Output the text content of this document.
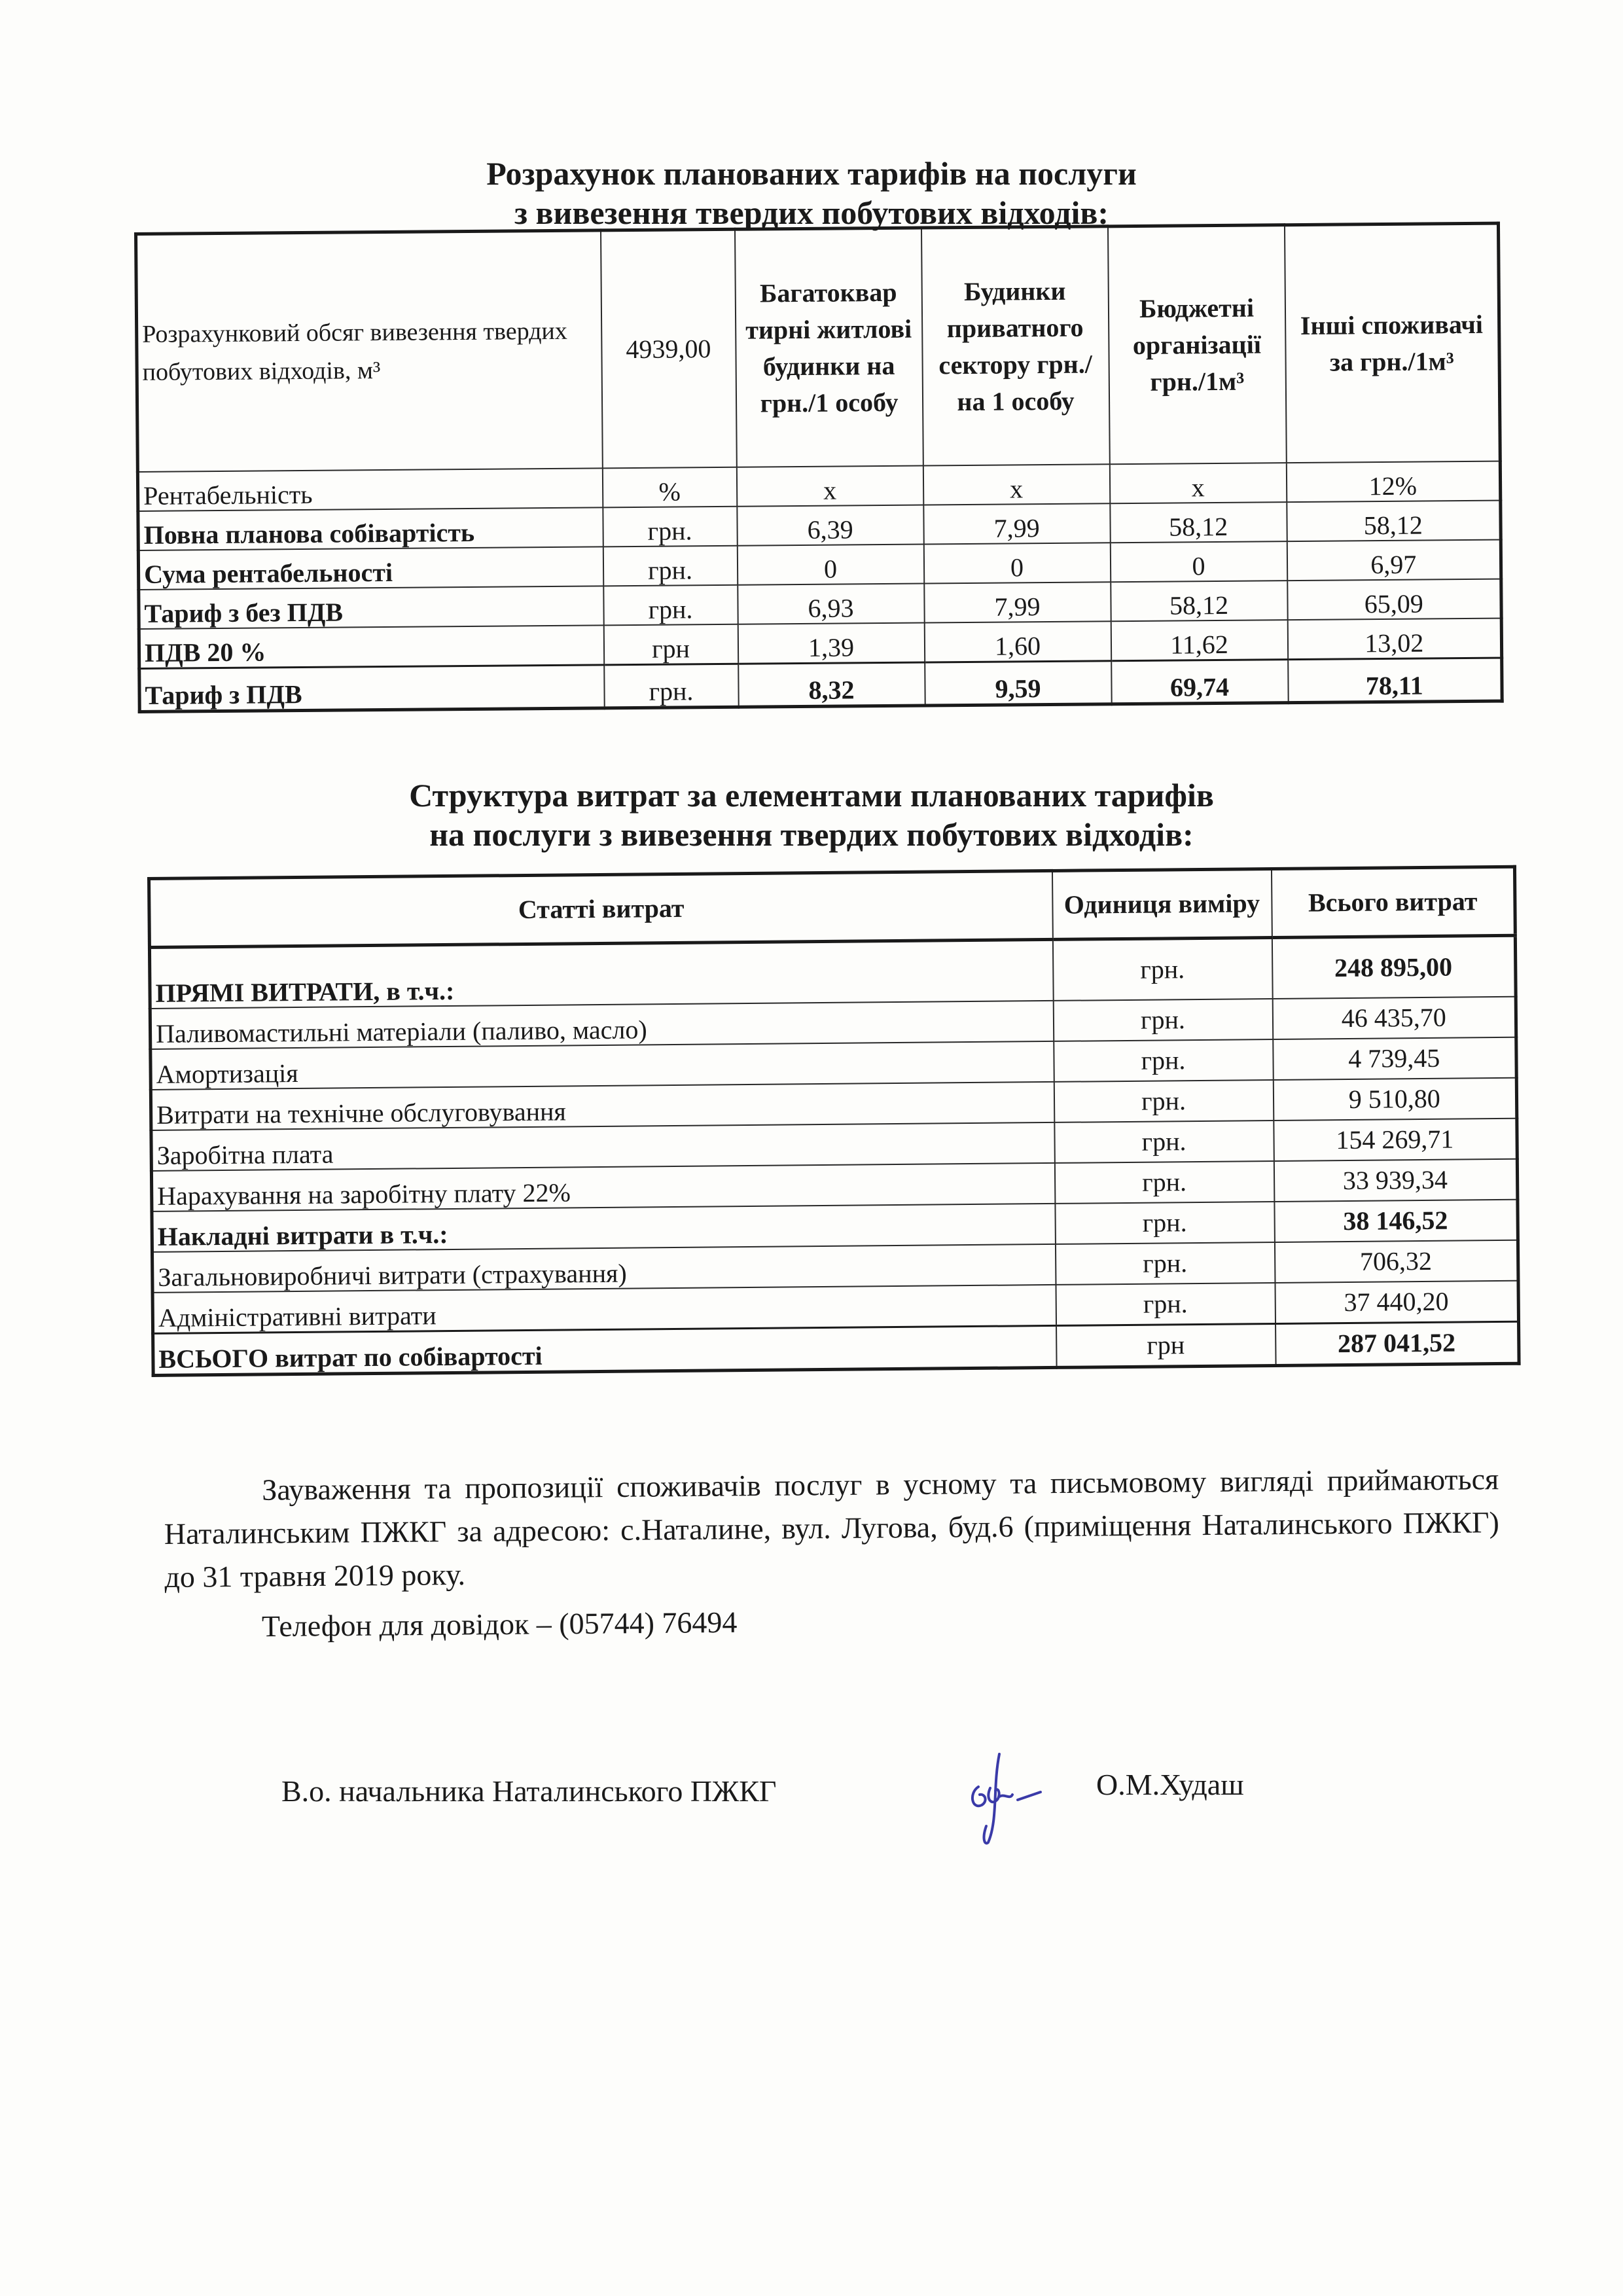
Розрахунок планованих тарифів на послуги
з вивезення твердих побутових відходів:
Розрахунковий обсяг вивезення твердих побутових відходів, м³	4939,00	Багатоквар тирні житлові будинки на грн./1 особу	Будинки приватного сектору грн./на 1 особу	Бюджетні організації грн./1м³	Інші споживачі за грн./1м³
Рентабельність	%	х	х	х	12%
Повна планова собівартість	грн.	6,39	7,99	58,12	58,12
Сума рентабельності	грн.	0	0	0	6,97
Тариф з без ПДВ	грн.	6,93	7,99	58,12	65,09
ПДВ 20 %	грн	1,39	1,60	11,62	13,02
Тариф з ПДВ	грн.	8,32	9,59	69,74	78,11
Структура витрат за елементами планованих тарифів
на послуги з вивезення твердих побутових відходів:
Статті витрат	Одиниця виміру	Всього витрат
ПРЯМІ ВИТРАТИ, в т.ч.:	грн.	248 895,00
Паливомастильні матеріали (паливо, масло)	грн.	46 435,70
Амортизація	грн.	4 739,45
Витрати на технічне обслуговування	грн.	9 510,80
Заробітна плата	грн.	154 269,71
Нарахування на заробітну плату 22%	грн.	33 939,34
Накладні витрати в т.ч.:	грн.	38 146,52
Загальновиробничі витрати (страхування)	грн.	706,32
Адміністративні витрати	грн.	37 440,20
ВСЬОГО витрат по собівартості	грн	287 041,52
Зауваження та пропозиції споживачів послуг в усному та письмовому вигляді приймаються Наталинським ПЖКГ за адресою: с.Наталине, вул. Лугова, буд.6 (приміщення Наталинського ПЖКГ) до 31 травня 2019 року.
Телефон для довідок – (05744) 76494
В.о. начальника Наталинського ПЖКГ	О.М.Худаш
